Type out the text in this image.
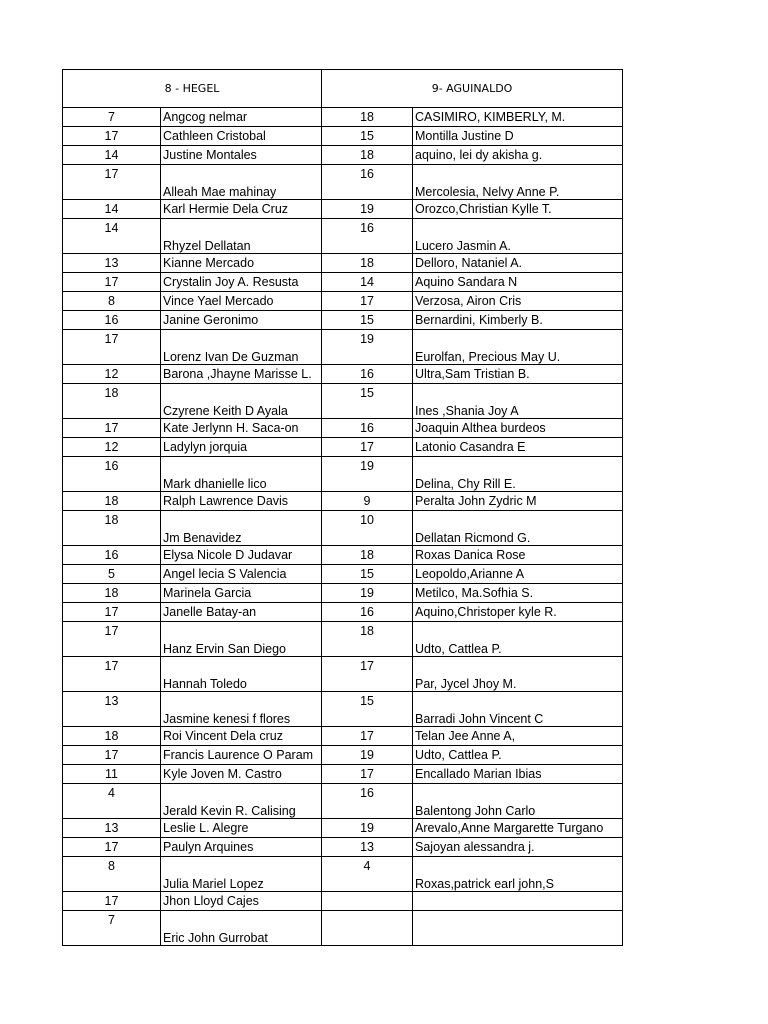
8 - HEGEL		9- AGUINALDO	
7	Angcog nelmar	18	CASIMIRO, KIMBERLY, M.
17	Cathleen Cristobal	15	Montilla Justine D
14	Justine Montales	18	aquino, lei dy akisha g.
17	Alleah Mae mahinay	16	Mercolesia, Nelvy Anne P.
14	Karl Hermie Dela Cruz	19	Orozco,Christian Kylle T.
14	Rhyzel Dellatan	16	Lucero Jasmin A.
13	Kianne Mercado	18	Delloro, Nataniel A.
17	Crystalin Joy A. Resusta	14	Aquino Sandara N
8	Vince Yael Mercado	17	Verzosa, Airon Cris
16	Janine Geronimo	15	Bernardini, Kimberly B.
17	Lorenz Ivan De Guzman	19	Eurolfan, Precious May U.
12	Barona ,Jhayne Marisse L.	16	Ultra,Sam Tristian B.
18	Czyrene Keith D Ayala	15	Ines ,Shania Joy A
17	Kate Jerlynn H. Saca-on	16	Joaquin Althea burdeos
12	Ladylyn jorquia	17	Latonio Casandra E
16	Mark dhanielle lico	19	Delina, Chy Rill E.
18	Ralph Lawrence Davis	9	Peralta John Zydric M
18	Jm Benavidez	10	Dellatan Ricmond G.
16	Elysa Nicole D Judavar	18	Roxas Danica Rose
5	Angel lecia S Valencia	15	Leopoldo,Arianne A
18	Marinela Garcia	19	Metilco, Ma.Sofhia S.
17	Janelle Batay-an	16	Aquino,Christoper kyle R.
17	Hanz Ervin San Diego	18	Udto, Cattlea P.
17	Hannah Toledo	17	Par, Jycel Jhoy M.
13	Jasmine kenesi f flores	15	Barradi John Vincent C
18	Roi Vincent Dela cruz	17	Telan Jee Anne A,
17	Francis Laurence O Param	19	Udto, Cattlea P.
11	Kyle Joven M. Castro	17	Encallado Marian Ibias
4	Jerald Kevin R. Calising	16	Balentong John Carlo
13	Leslie L. Alegre	19	Arevalo,Anne Margarette Turgano
17	Paulyn Arquines	13	Sajoyan alessandra j.
8	Julia Mariel Lopez	4	Roxas,patrick earl john,S
17	Jhon Lloyd Cajes		
7	Eric John Gurrobat		
